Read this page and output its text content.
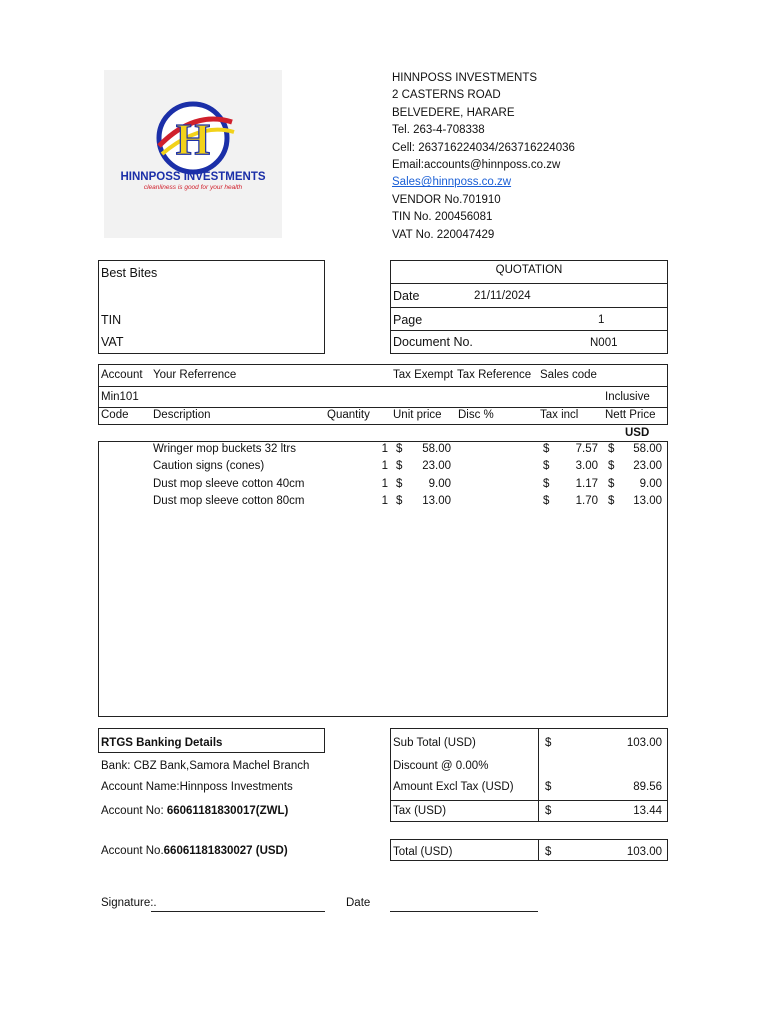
H
HINNPOSS INVESTMENTS
cleanliness is good for your health
HINNPOSS INVESTMENTS
2 CASTERNS ROAD
BELVEDERE, HARARE
Tel. 263-4-708338
Cell: 263716224034/263716224036
Email:accounts@hinnposs.co.zw
Sales@hinnposs.co.zw
VENDOR No.701910
TIN No. 200456081
VAT No. 220047429
Best Bites
TIN
VAT
QUOTATION
Date	21/11/2024
Page	1
Document No.	N001
Account Your Referrence	Tax Exempt Tax Reference Sales code
Min101	Inclusive
Code Description	Quantity Unit price Disc %	Tax incl Nett Price
USD
Wringer mop buckets 32 ltrs	1 $	58.00	$	7.57 $	58.00
Caution signs (cones)	1 $	23.00	$	3.00 $	23.00
Dust mop sleeve cotton 40cm	1 $	9.00	$	1.17 $	9.00
Dust mop sleeve cotton 80cm	1 $	13.00	$	1.70 $	13.00
RTGS Banking Details
Bank: CBZ Bank,Samora Machel Branch
Account Name:Hinnposs Investments
Account No: 66061181830017(ZWL)
Account No.66061181830027 (USD)
Sub Total (USD)	$	103.00
Discount @ 0.00%
Amount Excl Tax (USD)	$	89.56
Tax (USD)	$	13.44
Total (USD)	$	103.00
Signature:.	Date
